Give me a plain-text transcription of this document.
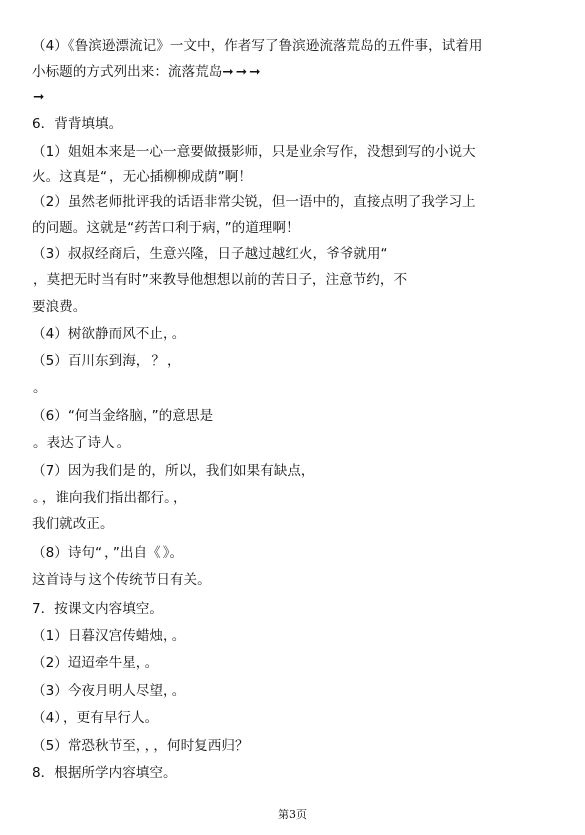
（4）《鲁滨逊漂流记》一文中，作者写了鲁滨逊流落荒岛的五件事，试着用
小标题的方式列出来：流落荒岛➞ ➞ ➞
➞
6．背背填填。
（1）姐姐本来是一心一意要做摄影师，只是业余写作，没想到写的小说大
火。这真是“ ，无心插柳柳成荫”啊！
（2）虽然老师批评我的话语非常尖锐，但一语中的，直接点明了我学习上
的问题。这就是“药苦口利于病， ”的道理啊！
（3）叔叔经商后，生意兴隆，日子越过越红火，爷爷就用“
，莫把无时当有时”来教导他想想以前的苦日子，注意节约，不
要浪费。
（4）树欲静而风不止， 。
（5）百川东到海， ？ ，
。
（6）“何当金络脑， ”的意思是
。表达了诗人 。
（7）因为我们是 的，所以，我们如果有缺点，
。 ，谁向我们指出都行。 ，
我们就改正。
（8）诗句“ ， ”出自《 》。
这首诗与 这个传统节日有关。
7．按课文内容填空。
（1）日暮汉宫传蜡烛， 。
（2）迢迢牵牛星， 。
（3）今夜月明人尽望， 。
（4） ，更有早行人。
（5）常恐秋节至， ， ，何时复西归？
8．根据所学内容填空。
第3页
